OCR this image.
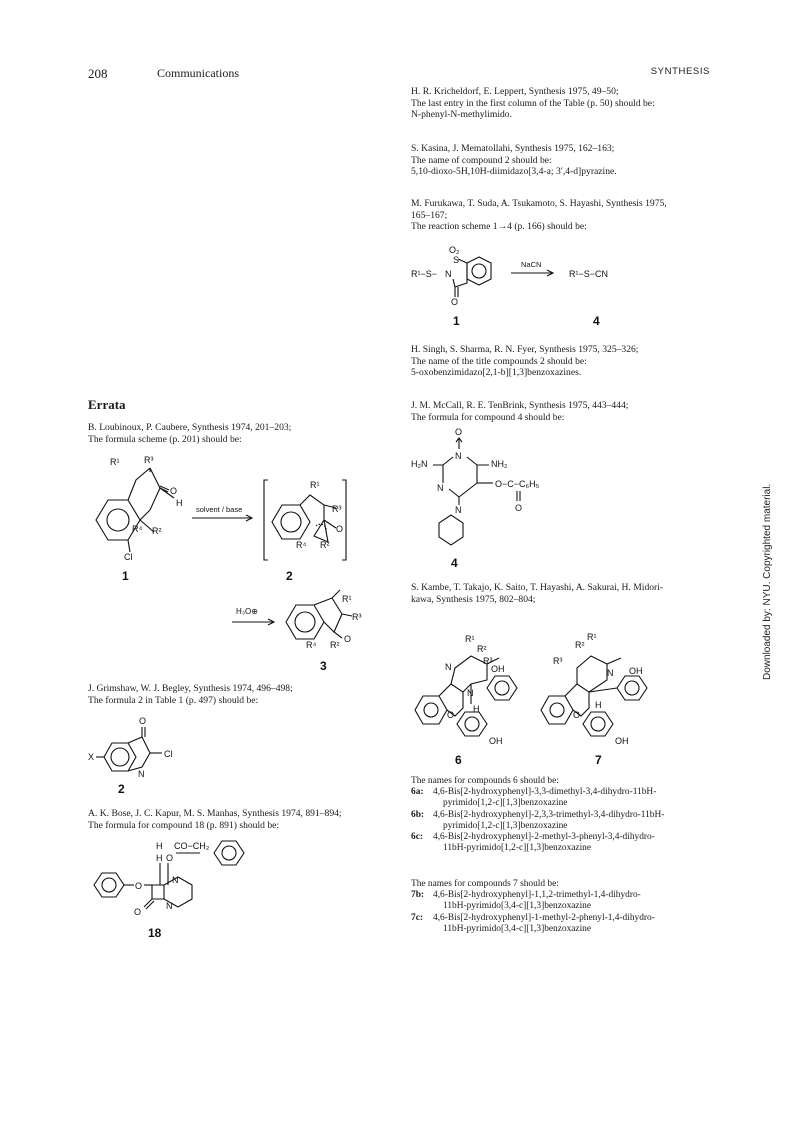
208	Communications	SYNTHESIS
Errata
Downloaded by: NYU. Copyrighted material.

B. Loubinoux, P. Caubere, Synthesis 1974, 201–203;

The formula scheme (p. 201) should be:

R¹	R³
O
H
R⁴ R²
Cl
1
solvent / base
R¹
R³
O
R⁴ R²
2
H₃O⊕
R¹
R³
O
R⁴ R²
3

J. Grimshaw, W. J. Begley, Synthesis 1974, 496–498;

The formula 2 in Table 1 (p. 497) should be:

X
O
N
Cl
2

A. K. Bose, J. C. Kapur, M. S. Manhas, Synthesis 1974, 891–894;

The formula for compound 18 (p. 891) should be:

O
H CO−CH₂
H O
N
N
O
18

H. R. Kricheldorf, E. Leppert, Synthesis 1975, 49–50;

The last entry in the first column of the Table (p. 50) should be:

N-phenyl-N-methylimido.

S. Kasina, J. Mematollahi, Synthesis 1975, 162–163;

The name of compound 2 should be:

5,10-dioxo-5H,10H-diimidazo[3,4-a; 3′,4-d]pyrazine.

M. Furukawa, T. Suda, A. Tsukamoto, S. Hayashi, Synthesis 1975,

165–167;

The reaction scheme 1→4 (p. 166) should be:

R¹−S−
O₂
S
N
O
NaCN
R¹−S−CN
1	4

H. Singh, S. Sharma, R. N. Fyer, Synthesis 1975, 325–326;

The name of the title compounds 2 should be:

5-oxobenzimidazo[2,1-b][1,3]benzoxazines.

J. M. McCall, R. E. TenBrink, Synthesis 1975, 443–444;

The formula for compound 4 should be:

O
H₂N
N
NH₂
N	O−C−C₆H₅
O
N
4

S. Kambe, T. Takajo, K. Saito, T. Hayashi, A. Sakurai, H. Midori-

kawa, Synthesis 1975, 802–804;

R¹
R²
R³
OH
N
N
O
H
OH
6
R¹
R²
R³
N OH
O
H
OH
7
The names for compounds 6 should be:
6a: 4,6-Bis[2-hydroxyphenyl]-3,3-dimethyl-3,4-dihydro-11bH-
pyrimido[1,2-c][1,3]benzoxazine
6b: 4,6-Bis[2-hydroxyphenyl]-2,3,3-trimethyl-3,4-dihydro-11bH-
pyrimido[1,2-c][1,3]benzoxazine
6c: 4,6-Bis[2-hydroxyphenyl]-2-methyl-3-phenyl-3,4-dihydro-
11bH-pyrimido[1,2-c][1,3]benzoxazine
The names for compounds 7 should be:
7b: 4,6-Bis[2-hydroxyphenyl]-1,1,2-trimethyl-1,4-dihydro-
11bH-pyrimido[3,4-c][1,3]benzoxazine
7c: 4,6-Bis[2-hydroxyphenyl]-1-methyl-2-phenyl-1,4-dihydro-
11bH-pyrimido[3,4-c][1,3]benzoxazine
